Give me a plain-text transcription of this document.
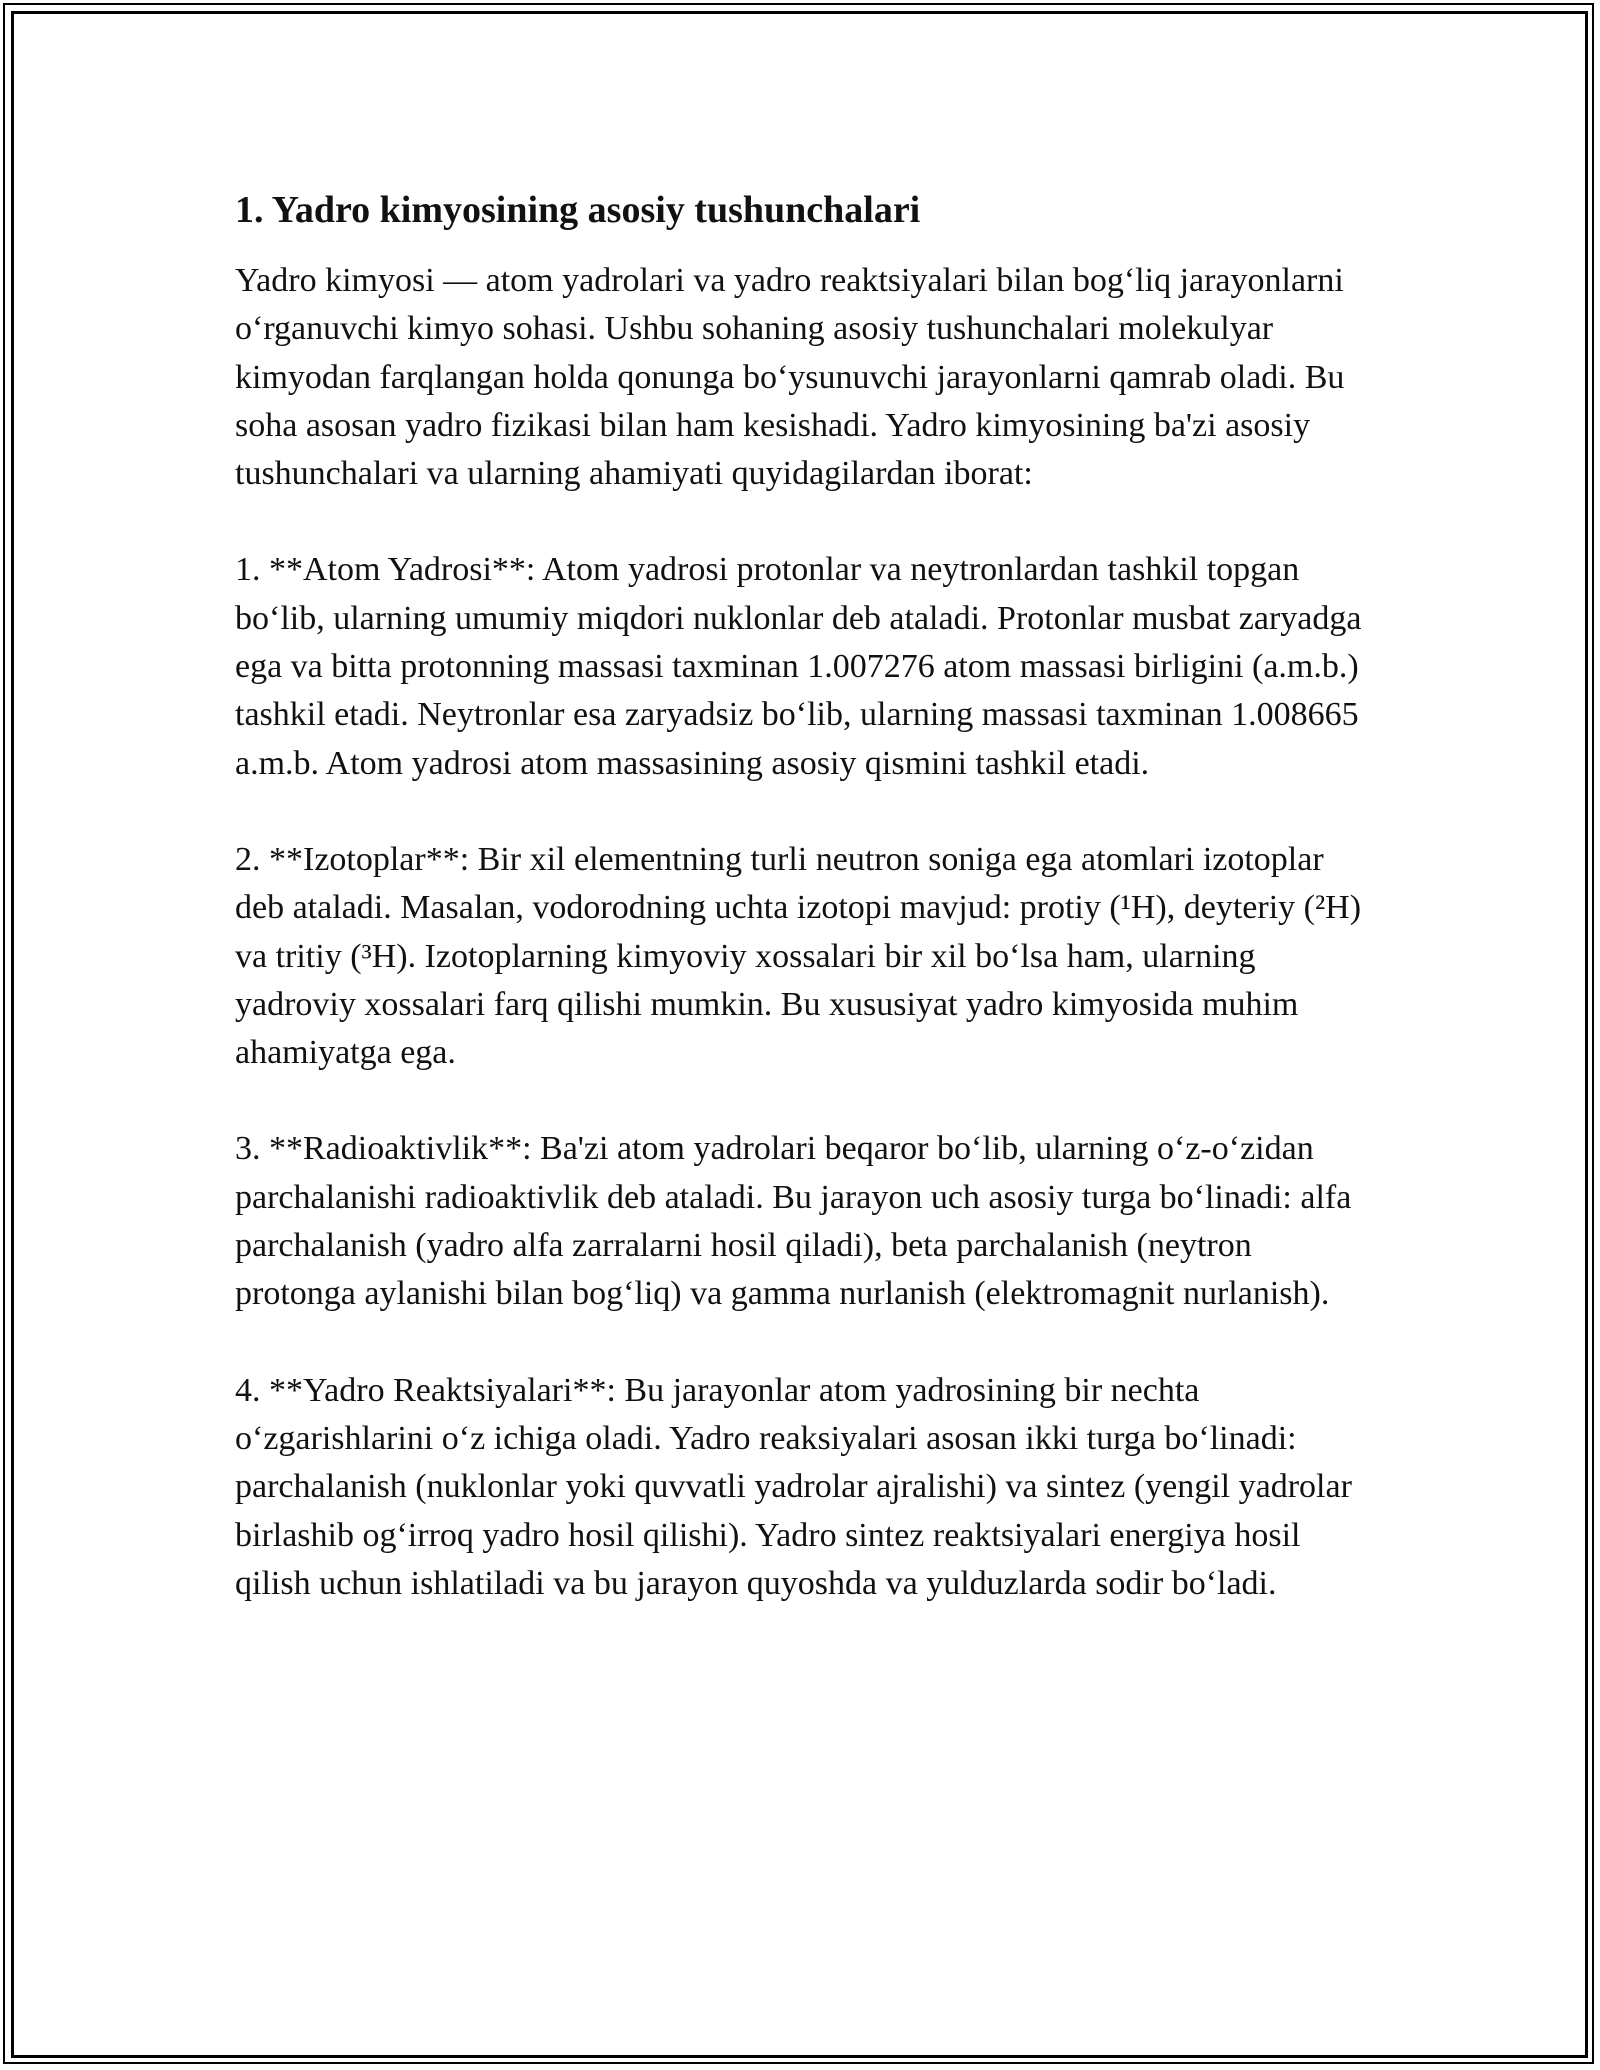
1. Yadro kimyosining asosiy tushunchalari

Yadro kimyosi — atom yadrolari va yadro reaktsiyalari bilan bog‘liq jarayonlarni o‘rganuvchi kimyo sohasi. Ushbu sohaning asosiy tushunchalari molekulyar kimyodan farqlangan holda qonunga bo‘ysunuvchi jarayonlarni qamrab oladi. Bu soha asosan yadro fizikasi bilan ham kesishadi. Yadro kimyosining ba'zi asosiy tushunchalari va ularning ahamiyati quyidagilardan iborat:

1. **Atom Yadrosi**: Atom yadrosi protonlar va neytronlardan tashkil topgan bo‘lib, ularning umumiy miqdori nuklonlar deb ataladi. Protonlar musbat zaryadga ega va bitta protonning massasi taxminan 1.007276 atom massasi birligini (a.m.b.) tashkil etadi. Neytronlar esa zaryadsiz bo‘lib, ularning massasi taxminan 1.008665 a.m.b. Atom yadrosi atom massasining asosiy qismini tashkil etadi.

2. **Izotoplar**: Bir xil elementning turli neutron soniga ega atomlari izotoplar deb ataladi. Masalan, vodorodning uchta izotopi mavjud: protiy (¹H), deyteriy (²H) va tritiy (³H). Izotoplarning kimyoviy xossalari bir xil bo‘lsa ham, ularning yadroviy xossalari farq qilishi mumkin. Bu xususiyat yadro kimyosida muhim ahamiyatga ega.

3. **Radioaktivlik**: Ba'zi atom yadrolari beqaror bo‘lib, ularning o‘z-o‘zidan parchalanishi radioaktivlik deb ataladi. Bu jarayon uch asosiy turga bo‘linadi: alfa parchalanish (yadro alfa zarralarni hosil qiladi), beta parchalanish (neytron protonga aylanishi bilan bog‘liq) va gamma nurlanish (elektromagnit nurlanish).

4. **Yadro Reaktsiyalari**: Bu jarayonlar atom yadrosining bir nechta o‘zgarishlarini o‘z ichiga oladi. Yadro reaksiyalari asosan ikki turga bo‘linadi: parchalanish (nuklonlar yoki quvvatli yadrolar ajralishi) va sintez (yengil yadrolar birlashib og‘irroq yadro hosil qilishi). Yadro sintez reaktsiyalari energiya hosil qilish uchun ishlatiladi va bu jarayon quyoshda va yulduzlarda sodir bo‘ladi.
